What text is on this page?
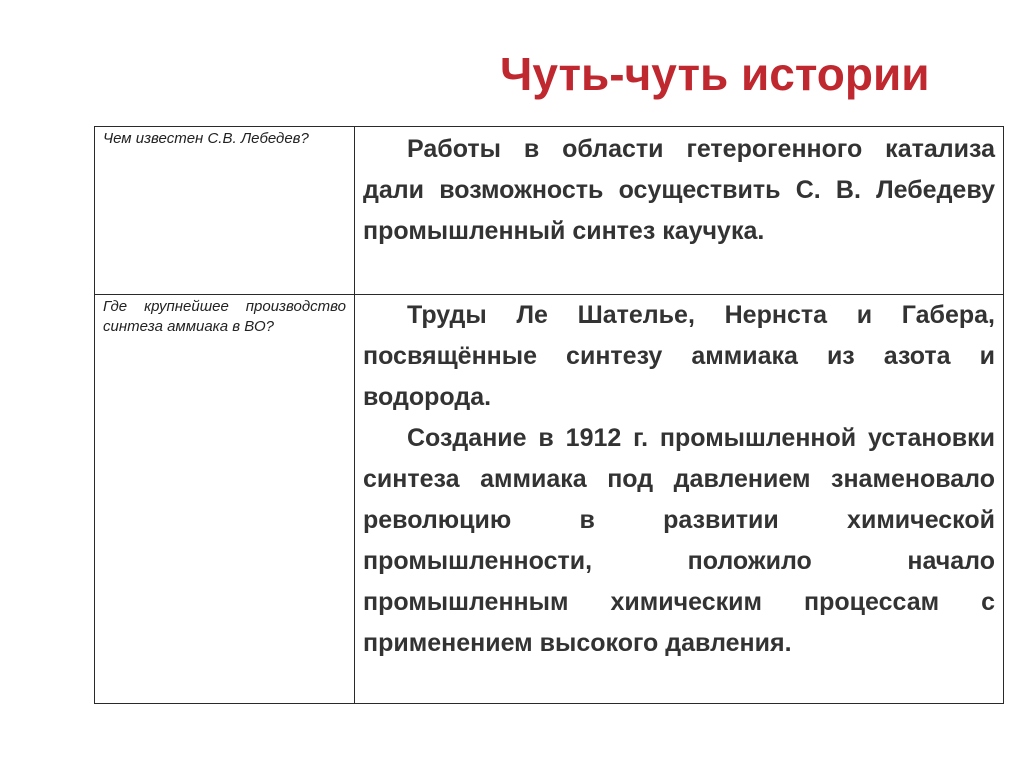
Чуть-чуть истории
Чем известен С.В. Лебедев?	Работы в области гетерогенного катализа дали возможность осуществить С. В. Лебедеву промышленный синтез каучука.

Где крупнейшее производство синтеза аммиака в ВО?	Труды Ле Шателье, Нернста и Габера, посвящённые синтезу аммиака из азота и водорода.

Создание в 1912 г. промышленной установки синтеза аммиака под давлением знаменовало революцию в развитии химической промышленности, положило начало промышленным химическим процессам с применением высокого давления.
